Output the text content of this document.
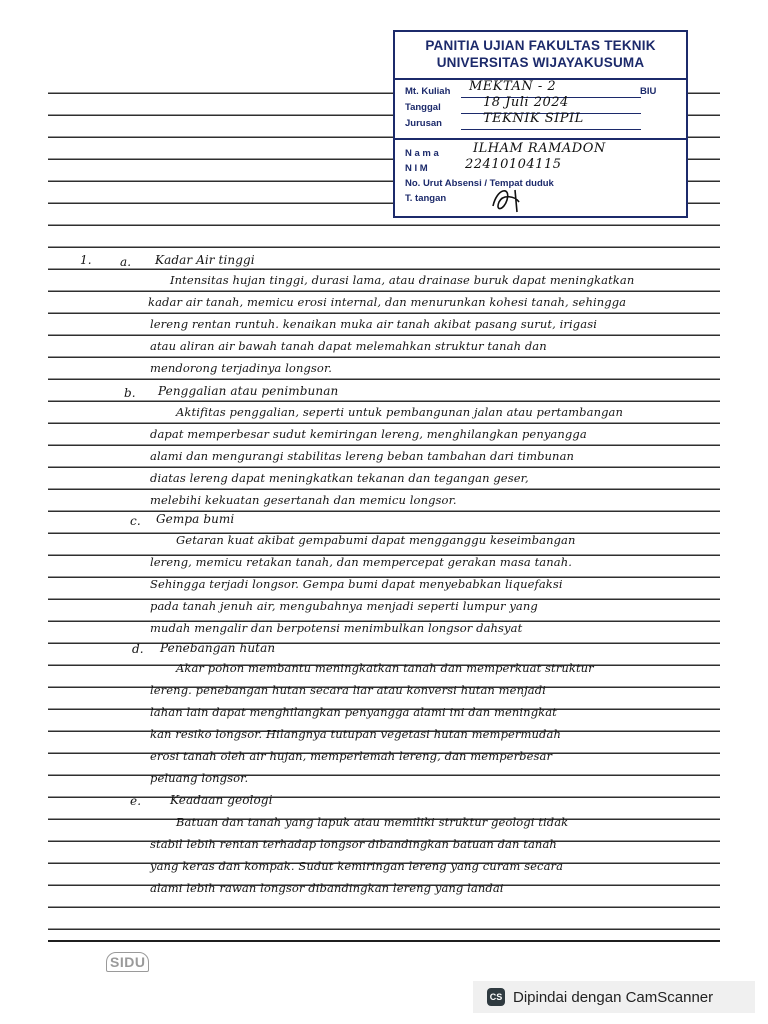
PANITIA UJIAN FAKULTAS TEKNIK
UNIVERSITAS WIJAYAKUSUMA
Mt. Kuliah MEKTAN - 2	BIU
Tanggal	18 Juli 2024
Jurusan	TEKNIK SIPIL
N a m a	ILHAM RAMADON
N I M	22410104115
No. Urut Absensi / Tempat duduk
T. tangan
1. a. Kadar Air tinggi
Intensitas hujan tinggi, durasi lama, atau drainase buruk dapat meningkatkan
kadar air tanah, memicu erosi internal, dan menurunkan kohesi tanah, sehingga
lereng rentan runtuh. kenaikan muka air tanah akibat pasang surut, irigasi
atau aliran air bawah tanah dapat melemahkan struktur tanah dan
mendorong terjadinya longsor.
b. Penggalian atau penimbunan
Aktifitas penggalian, seperti untuk pembangunan jalan atau pertambangan
dapat memperbesar sudut kemiringan lereng, menghilangkan penyangga
alami dan mengurangi stabilitas lereng beban tambahan dari timbunan
diatas lereng dapat meningkatkan tekanan dan tegangan geser,
melebihi kekuatan gesertanah dan memicu longsor.
c. Gempa bumi
Getaran kuat akibat gempabumi dapat mengganggu keseimbangan
lereng, memicu retakan tanah, dan mempercepat gerakan masa tanah.
Sehingga terjadi longsor. Gempa bumi dapat menyebabkan liquefaksi
pada tanah jenuh air, mengubahnya menjadi seperti lumpur yang
mudah mengalir dan berpotensi menimbulkan longsor dahsyat
d. Penebangan hutan
Akar pohon membantu meningkatkan tanah dan memperkuat struktur
lereng. penebangan hutan secara liar atau konversi hutan menjadi
lahan lain dapat menghilangkan penyangga alami ini dan meningkat
kan resiko longsor. Hilangnya tutupan vegetasi hutan mempermudah
erosi tanah oleh air hujan, memperlemah lereng, dan memperbesar
peluang longsor.
e. Keadaan geologi
Batuan dan tanah yang lapuk atau memiliki struktur geologi tidak
stabil lebih rentan terhadap longsor dibandingkan batuan dan tanah
yang keras dan kompak. Sudut kemiringan lereng yang curam secara
alami lebih rawan longsor dibandingkan lereng yang landai
SIDU
CS Dipindai dengan CamScanner
